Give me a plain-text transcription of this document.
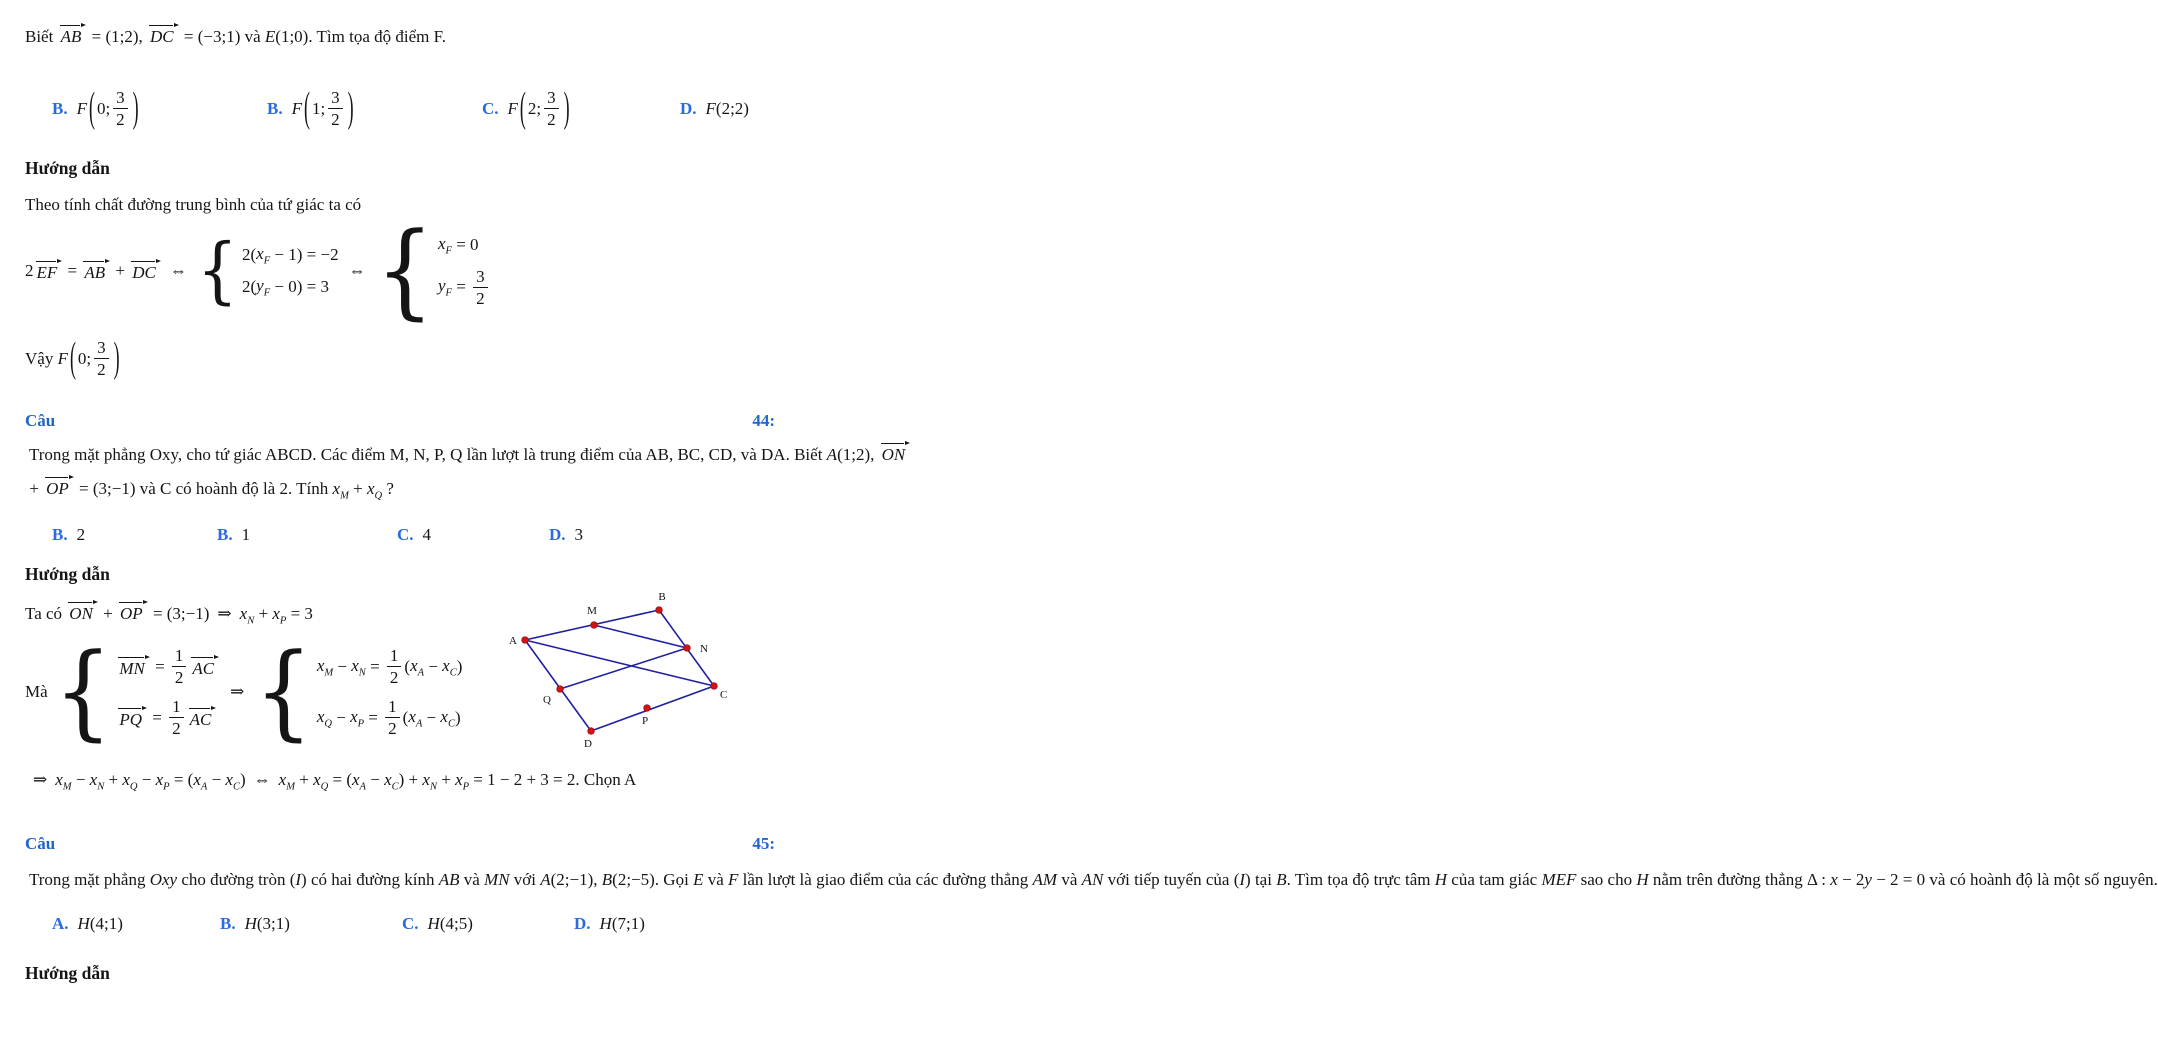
Biết AB = (1;2), DC = (−3;1) và E(1;0). Tìm tọa độ điểm F.

B. F ( 0; $\frac{3}{2}$ )	B. F ( 1; $\frac{3}{2}$ )	C. F ( 2; $\frac{3}{2}$ )	D. F (2;2)

Hướng dẫn

Theo tính chất đường trung bình của tứ giác ta có

2 EF = AB + DC ⇔ { 2( $x_F - 1) = -2$
2( $y_F - 0) = 3$
⇔ { $x_F = 0$
$y_F = \frac{3}{2}$
Vậy F ( 0; $\frac{3}{2}$ )

Câu 44: Trong mặt phẳng Oxy, cho tứ giác ABCD. Các điểm M, N, P, Q lần lượt là trung điểm của AB, BC, CD, và DA. Biết A(1;2), ON + OP = (3;−1) và C có hoành độ là 2. Tính $x_M + x_Q$ ?

B. 2	B. 1	C. 4	D. 3

Hướng dẫn

Ta có ON + OP = (3;−1) ⇒ $x_N + x_P = 3$

Mà { MN = $\frac{1}{2}$ AC
PQ = $\frac{1}{2}$ AC
⇒ { $x_M - x_N = \frac{1}{2}$ ( $x_A - x_C$ )
$x_Q - x_P = \frac{1}{2}$ ( $x_A - x_C$ )

⇒ $x_M - x_N + x_Q - x_P = (x_A - x_C)$ ⇔ $x_M + x_Q = (x_A - x_C) + x_N + x_P = 1 - 2 + 3 = 2$. Chọn A

A
B
M
N
C
Q
P
D

Câu 45: Trong mặt phẳng Oxy cho đường tròn (I) có hai đường kính AB và MN với A(2;−1), B(2;−5). Gọi E và F lần lượt là giao điểm của các đường thẳng AM và AN với tiếp tuyến của (I) tại B. Tìm tọa độ trực tâm H của tam giác MEF sao cho H nằm trên đường thẳng Δ : x − 2y − 2 = 0 và có hoành độ là một số nguyên.

A. H (4;1)	B. H (3;1)	C. H (4;5)	D. H (7;1)

Hướng dẫn
